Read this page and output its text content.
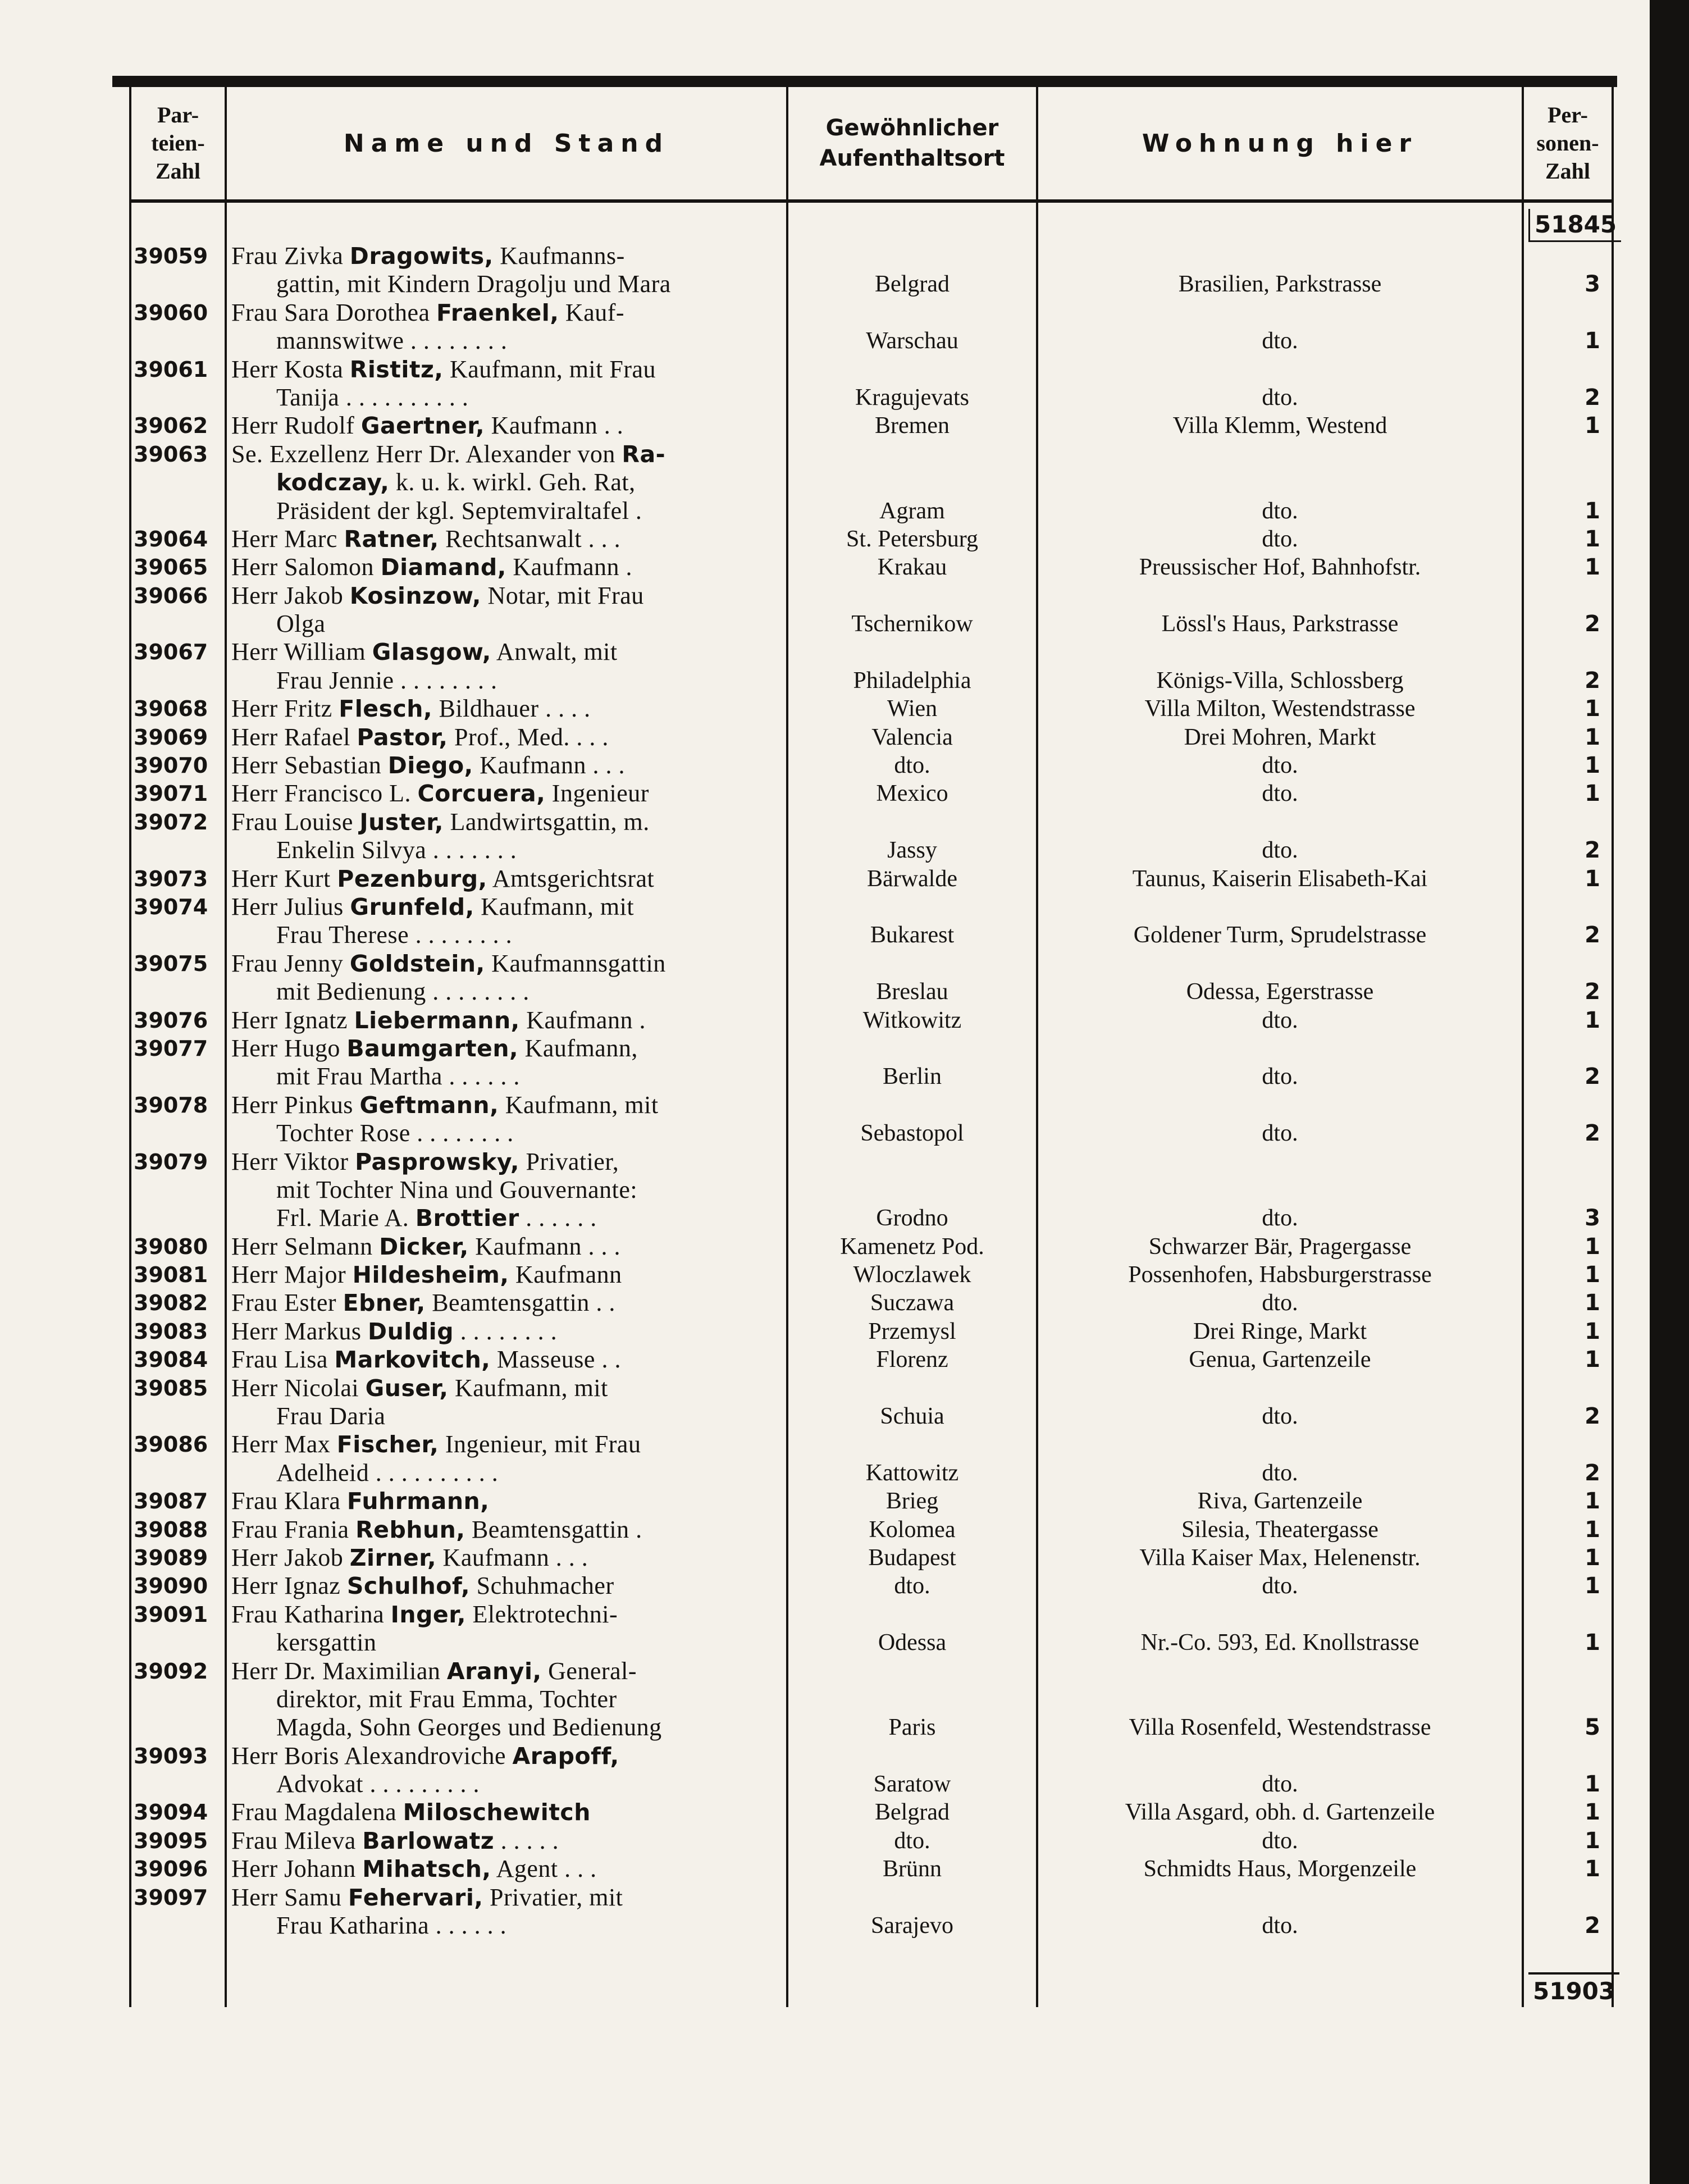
Par-
teien-
Zahl	Name und Stand	Gewöhnlicher
Aufenthaltsort	Wohnung hier	Per-
sonen-
Zahl
				51845

39059	Frau Zivka Dragowits, Kaufmanns-
gattin, mit Kindern Dragolju und Mara	Belgrad	Brasilien, Parkstrasse	3

39060	Frau Sara Dorothea Fraenkel, Kauf-
mannswitwe . . . . . . . .	Warschau	dto.	1

39061	Herr Kosta Ristitz, Kaufmann, mit Frau
Tanija . . . . . . . . . .	Kragujevats	dto.	2

39062	Herr Rudolf Gaertner, Kaufmann . .	Bremen	Villa Klemm, Westend	1

39063	Se. Exzellenz Herr Dr. Alexander von Ra-
kodczay, k. u. k. wirkl. Geh. Rat,
Präsident der kgl. Septemviraltafel .	Agram	dto.	1

39064	Herr Marc Ratner, Rechtsanwalt . . .	St. Petersburg	dto.	1

39065	Herr Salomon Diamand, Kaufmann .	Krakau	Preussischer Hof, Bahnhofstr.	1

39066	Herr Jakob Kosinzow, Notar, mit Frau
Olga	Tschernikow	Lössl's Haus, Parkstrasse	2

39067	Herr William Glasgow, Anwalt, mit
Frau Jennie . . . . . . . .	Philadelphia	Königs-Villa, Schlossberg	2

39068	Herr Fritz Flesch, Bildhauer . . . .	Wien	Villa Milton, Westendstrasse	1

39069	Herr Rafael Pastor, Prof., Med. . . .	Valencia	Drei Mohren, Markt	1

39070	Herr Sebastian Diego, Kaufmann . . .	dto.	dto.	1

39071	Herr Francisco L. Corcuera, Ingenieur	Mexico	dto.	1

39072	Frau Louise Juster, Landwirtsgattin, m.
Enkelin Silvya . . . . . . .	Jassy	dto.	2

39073	Herr Kurt Pezenburg, Amtsgerichtsrat	Bärwalde	Taunus, Kaiserin Elisabeth-Kai	1

39074	Herr Julius Grunfeld, Kaufmann, mit
Frau Therese . . . . . . . .	Bukarest	Goldener Turm, Sprudelstrasse	2

39075	Frau Jenny Goldstein, Kaufmannsgattin
mit Bedienung . . . . . . . .	Breslau	Odessa, Egerstrasse	2

39076	Herr Ignatz Liebermann, Kaufmann .	Witkowitz	dto.	1

39077	Herr Hugo Baumgarten, Kaufmann,
mit Frau Martha . . . . . .	Berlin	dto.	2

39078	Herr Pinkus Geftmann, Kaufmann, mit
Tochter Rose . . . . . . . .	Sebastopol	dto.	2

39079	Herr Viktor Pasprowsky, Privatier,
mit Tochter Nina und Gouvernante:
Frl. Marie A. Brottier . . . . . .	Grodno	dto.	3

39080	Herr Selmann Dicker, Kaufmann . . .	Kamenetz Pod.	Schwarzer Bär, Pragergasse	1

39081	Herr Major Hildesheim, Kaufmann	Wloczlawek	Possenhofen, Habsburgerstrasse	1

39082	Frau Ester Ebner, Beamtensgattin . .	Suczawa	dto.	1

39083	Herr Markus Duldig . . . . . . . .	Przemysl	Drei Ringe, Markt	1

39084	Frau Lisa Markovitch, Masseuse . .	Florenz	Genua, Gartenzeile	1

39085	Herr Nicolai Guser, Kaufmann, mit
Frau Daria	Schuia	dto.	2

39086	Herr Max Fischer, Ingenieur, mit Frau
Adelheid . . . . . . . . . .	Kattowitz	dto.	2

39087	Frau Klara Fuhrmann,	Brieg	Riva, Gartenzeile	1

39088	Frau Frania Rebhun, Beamtensgattin .	Kolomea	Silesia, Theatergasse	1

39089	Herr Jakob Zirner, Kaufmann . . .	Budapest	Villa Kaiser Max, Helenenstr.	1

39090	Herr Ignaz Schulhof, Schuhmacher	dto.	dto.	1

39091	Frau Katharina Inger, Elektrotechni-
kersgattin	Odessa	Nr.-Co. 593, Ed. Knollstrasse	1

39092	Herr Dr. Maximilian Aranyi, General-
direktor, mit Frau Emma, Tochter
Magda, Sohn Georges und Bedienung	Paris	Villa Rosenfeld, Westendstrasse	5

39093	Herr Boris Alexandroviche Arapoff,
Advokat . . . . . . . . .	Saratow	dto.	1

39094	Frau Magdalena Miloschewitch	Belgrad	Villa Asgard, obh. d. Gartenzeile	1

39095	Frau Mileva Barlowatz . . . . .	dto.	dto.	1

39096	Herr Johann Mihatsch, Agent . . .	Brünn	Schmidts Haus, Morgenzeile	1

39097	Herr Samu Fehervari, Privatier, mit
Frau Katharina . . . . . .	Sarajevo	dto.	2

				51903
